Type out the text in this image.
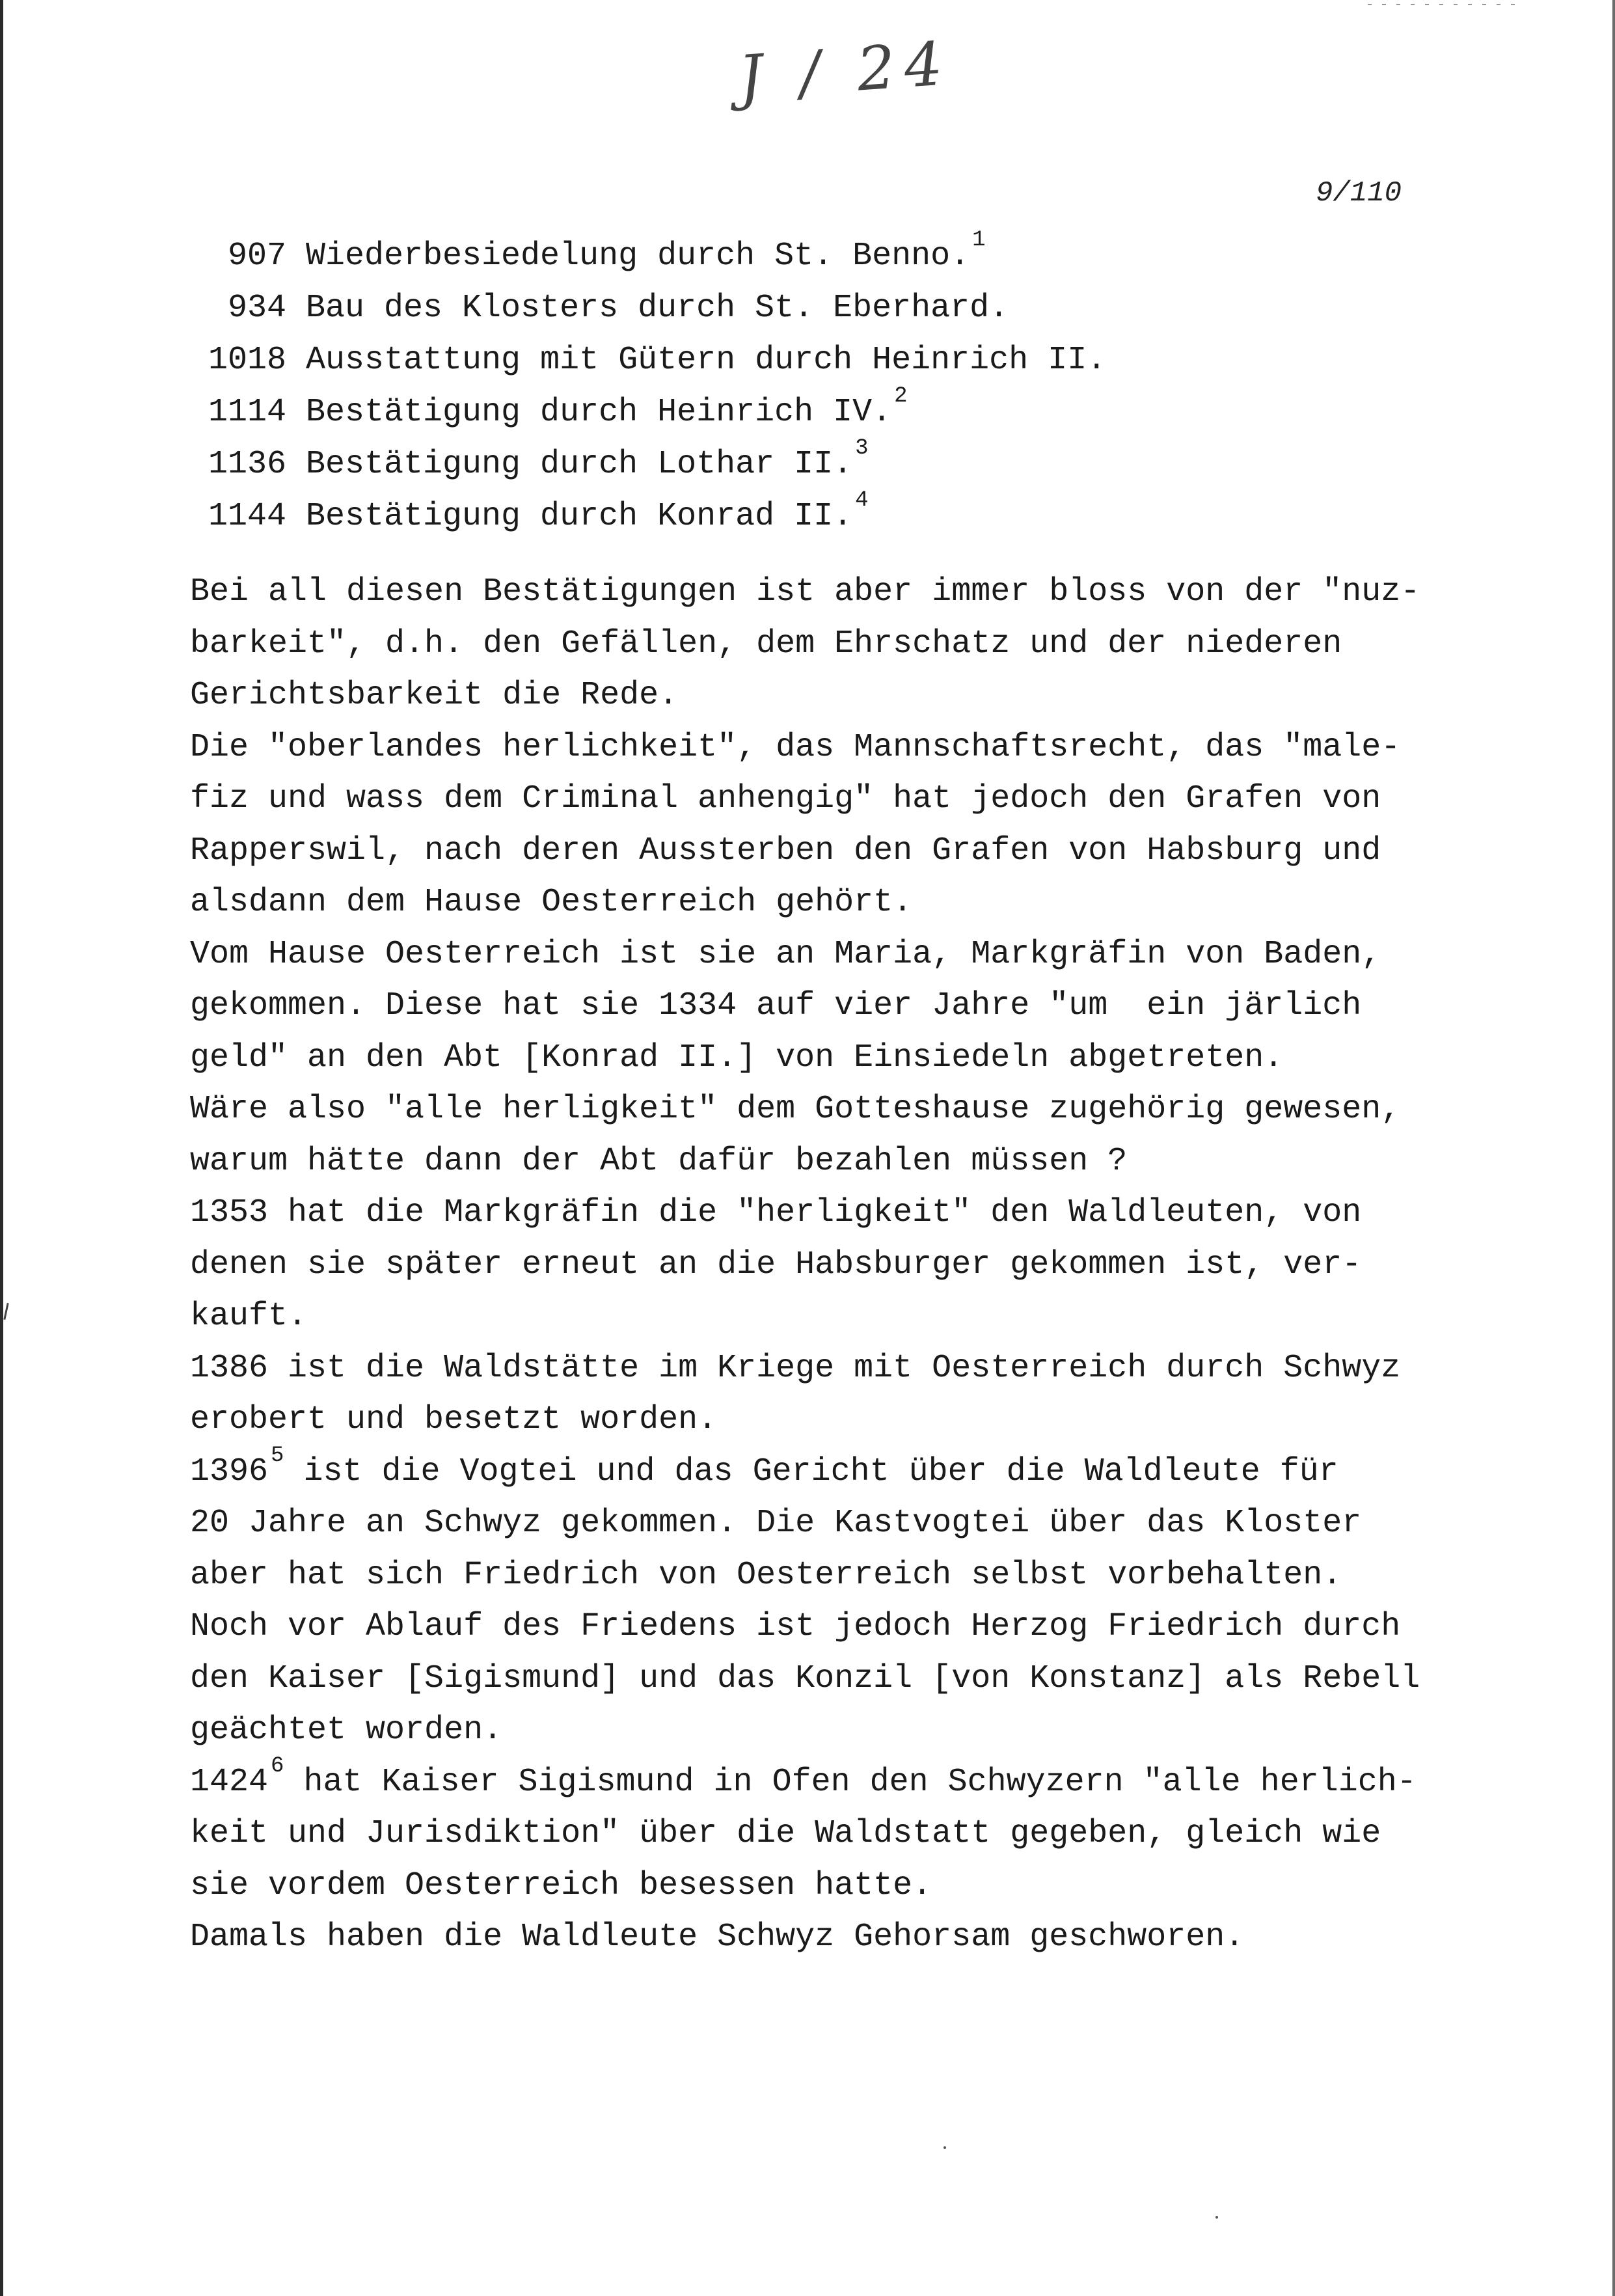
J / 24
9/110
907 Wiederbesiedelung durch St. Benno. $^1$
934 Bau des Klosters durch St. Eberhard.
1018 Ausstattung mit Gütern durch Heinrich II.
1114 Bestätigung durch Heinrich IV. $^2$
1136 Bestätigung durch Lothar II. $^3$
1144 Bestätigung durch Konrad II. $^4$
Bei all diesen Bestätigungen ist aber immer bloss von der "nuz-
barkeit", d.h. den Gefällen, dem Ehrschatz und der niederen
Gerichtsbarkeit die Rede.
Die "oberlandes herlichkeit", das Mannschaftsrecht, das "male-
fiz und wass dem Criminal anhengig" hat jedoch den Grafen von
Rapperswil, nach deren Aussterben den Grafen von Habsburg und
alsdann dem Hause Oesterreich gehört.
Vom Hause Oesterreich ist sie an Maria, Markgräfin von Baden,
gekommen. Diese hat sie 1334 auf vier Jahre "um  ein järlich
geld" an den Abt [Konrad II.] von Einsiedeln abgetreten.
Wäre also "alle herligkeit" dem Gotteshause zugehörig gewesen,
warum hätte dann der Abt dafür bezahlen müssen ?
1353 hat die Markgräfin die "herligkeit" den Waldleuten, von
denen sie später erneut an die Habsburger gekommen ist, ver-
kauft.
1386 ist die Waldstätte im Kriege mit Oesterreich durch Schwyz
erobert und besetzt worden.
1396 $^5$ ist die Vogtei und das Gericht über die Waldleute für
20 Jahre an Schwyz gekommen. Die Kastvogtei über das Kloster
aber hat sich Friedrich von Oesterreich selbst vorbehalten.
Noch vor Ablauf des Friedens ist jedoch Herzog Friedrich durch
den Kaiser [Sigismund] und das Konzil [von Konstanz] als Rebell
geächtet worden.
1424 $^6$ hat Kaiser Sigismund in Ofen den Schwyzern "alle herlich-
keit und Jurisdiktion" über die Waldstatt gegeben, gleich wie
sie vordem Oesterreich besessen hatte.
Damals haben die Waldleute Schwyz Gehorsam geschworen.
